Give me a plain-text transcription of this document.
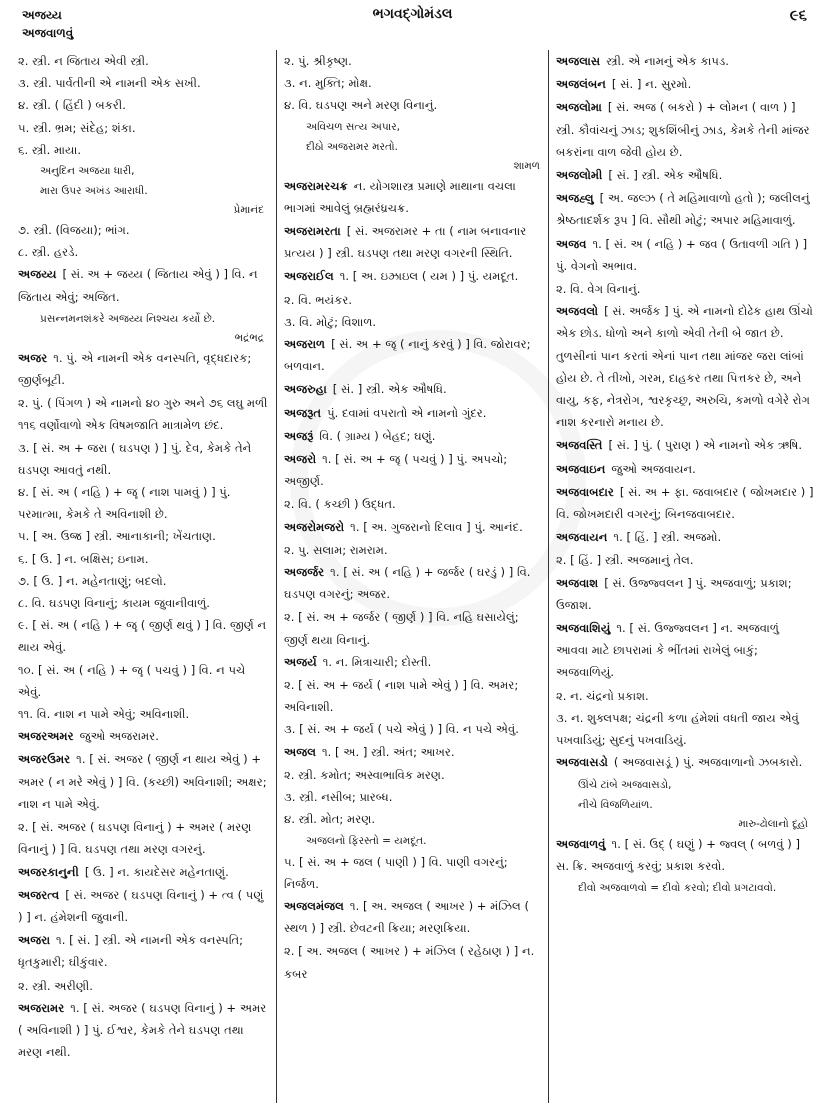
અજય્ય
અજવાળવું
ભગવદ્ગોમંડલ	૯૬
૨. સ્ત્રી. ન જિતાય એવી સ્ત્રી.
૩. સ્ત્રી. પાર્વતીની એ નામની એક સખી.
૪. સ્ત્રી. ( હિંદી ) બકરી.
૫. સ્ત્રી. ભ્રમ; સંદેહ; શંકા.
૬. સ્ત્રી. માયા.
અનુદિન અજયા ધારી,
મારા ઉપર અખંડ આરાધી.
પ્રેમાનંદ
૭. સ્ત્રી. (વિજયા); ભાંગ.
૮. સ્ત્રી. હરડે.
અજય્ય [ સં. અ + જય્ય ( જિતાય એવું ) ] વિ. ન જિતાય એવું; અજિત.
પ્રસન્નમનશંકરે અજય્ય નિશ્ચય કર્યો છે.
ભદ્રંભદ્ર
અજર ૧. પું. એ નામની એક વનસ્પતિ, વૃદ્ધદારક; જીર્ણબૂટી.
૨. પું. ( પિંગળ ) એ નામનો ૪૦ ગુરુ અને ૭૬ લઘુ મળી ૧૧૬ વર્ણોવાળો એક વિષમજાતિ માત્રામેળ છંદ.
૩. [ સં. અ + જરા ( ઘડપણ ) ] પું. દેવ, કેમકે તેને ઘડપણ આવતું નથી.
૪. [ સં. અ ( નહિ ) + જૄ ( નાશ પામવું ) ] પું. પરમાત્મા, કેમકે તે અવિનાશી છે.
૫. [ અ. ઉજ્ર ] સ્ત્રી. આનાકાની; ખેંચતાણ.
૬. [ ઉ. ] ન. બક્ષિસ; ઇનામ.
૭. [ ઉ. ] ન. મહેનતાણું; બદલો.
૮. વિ. ઘડપણ વિનાનું; કાયમ જુવાનીવાળું.
૯. [ સં. અ ( નહિ ) + જૄ ( જીર્ણ થવું ) ] વિ. જીર્ણ ન થાય એવું.
૧૦. [ સં. અ ( નહિ ) + જૄ ( પચવું ) ] વિ. ન પચે એવું.
૧૧. વિ. નાશ ન પામે એવું; અવિનાશી.
અજરઅમર જુઓ અજરામર.
અજરઉમર ૧. [ સં. અજર ( જીર્ણ ન થાય એવું ) + અમર ( ન મરે એવું ) ] વિ. (કચ્છી) અવિનાશી; અક્ષર; નાશ ન પામે એવું.
૨. [ સં. અજર ( ઘડપણ વિનાનું ) + અમર ( મરણ વિનાનું ) ] વિ. ઘડપણ તથા મરણ વગરનું.
અજરકાનુની [ ઉ. ] ન. કાયદેસર મહેનતાણું.
અજરત્વ [ સં. અજર ( ઘડપણ વિનાનું ) + ત્વ ( પણું ) ] ન. હંમેશની જુવાની.
અજરા ૧. [ સં. ] સ્ત્રી. એ નામની એક વનસ્પતિ; ધૃતકુમારી; ઘીકુંવાર.
૨. સ્ત્રી. અરીણી.
અજરામર ૧. [ સં. અજર ( ઘડપણ વિનાનું ) + અમર ( અવિનાશી ) ] પું. ઈશ્વર, કેમકે તેને ઘડપણ તથા મરણ નથી.
૨. પું. શ્રીકૃષ્ણ.
૩. ન. મુક્તિ; મોક્ષ.
૪. વિ. ઘડપણ અને મરણ વિનાનું.
અવિચળ સત્ય અપાર,
દીઠો અજરામર મરતો.
શામળ
અજરામરચક્ર ન. યોગશાસ્ત્ર પ્રમાણે માથાના વચલા ભાગમાં આવેલું બ્રહ્મરંધ્રચક્ર.
અજરામરતા [ સં. અજરામર + તા ( નામ બનાવનાર પ્રત્યય ) ] સ્ત્રી. ઘડપણ તથા મરણ વગરની સ્થિતિ.
અજરાઈલ ૧. [ અ. ઇઝ્રાઇલ ( યમ ) ] પું. યમદૂત.
૨. વિ. ભયંકર.
૩. વિ. મોટું; વિશાળ.
અજરાળ [ સં. અ + જૃ ( નાનું કરવું ) ] વિ. જોરાવર; બળવાન.
અજરુહા [ સં. ] સ્ત્રી. એક ઔષધિ.
અજરૂત પું. દવામાં વપરાતો એ નામનો ગુંદર.
અજરૂં વિ. ( ગ્રામ્ય ) બેહદ; ઘણું.
અજરો ૧. [ સં. અ + જૃ ( પચવું ) ] પું. અપચો; અજીર્ણ.
૨. વિ. ( કચ્છી ) ઉદ્ધત.
અજરોમજરો ૧. [ અ. ગુજરાનો દિલાવ ] પું. આનંદ.
૨. પુ. સલામ; રામરામ.
અજર્જર ૧. [ સં. અ ( નહિ ) + જર્જર ( ઘરડું ) ] વિ. ઘડપણ વગરનું; અજર.
૨. [ સં. અ + જર્જર ( જીર્ણ ) ] વિ. નહિ ઘસાયેલું; જીર્ણ થયા વિનાનું.
અજર્ય ૧. ન. મિત્રાચારી; દોસ્તી.
૨. [ સં. અ + જર્ય ( નાશ પામે એવું ) ] વિ. અમર; અવિનાશી.
૩. [ સં. અ + જર્ય ( પચે એવું ) ] વિ. ન પચે એવું.
અજલ ૧. [ અ. ] સ્ત્રી. અંત; આખર.
૨. સ્ત્રી. કમોત; અસ્વાભાવિક મરણ.
૩. સ્ત્રી. નસીબ; પ્રારબ્ધ.
૪. સ્ત્રી. મોત; મરણ.
અજલનો ફિરસ્તો = યમદૂત.
૫. [ સં. અ + જલ ( પાણી ) ] વિ. પાણી વગરનું; નિર્જળ.
અજલમંજલ ૧. [ અ. અજલ ( આખર ) + મંઝિલ ( સ્થળ ) ] સ્ત્રી. છેવટની ક્રિયા; મરણક્રિયા.
૨. [ અ. અજલ ( આખર ) + મંઝિલ ( રહેઠાણ ) ] ન. કબર
અજલાસ સ્ત્રી. એ નામનું એક કાપડ.
અજલંબન [ સં. ] ન. સુરમો.
અજલોમા [ સં. અજ ( બકરો ) + લોમન ( વાળ ) ] સ્ત્રી. કૌવાંચનું ઝાડ; શુકશિંબીનું ઝાડ, કેમકે તેની માંજર બકરાંના વાળ જેવી હોય છે.
અજલોમી [ સં. ] સ્ત્રી. એક ઔષધિ.
અજહ્લુ [ અ. જલ્ઝ ( તે મહિમાવાળો હતો ); જલીલનું શ્રેષ્ઠતાદર્શક રૂપ ] વિ. સૌથી મોટું; અપાર મહિમાવાળું.
અજવ ૧. [ સં. અ ( નહિ ) + જવ ( ઉતાવળી ગતિ ) ] પું. વેગનો અભાવ.
૨. વિ. વેગ વિનાનું.
અજવલો [ સં. અર્જક ] પું. એ નામનો દોઢેક હાથ ઊંચો એક છોડ. ધોળો અને કાળો એવી તેની બે જાત છે. તુળસીનાં પાન કરતાં એનાં પાન તથા માંજર જરા લાંબાં હોય છે. તે તીખો, ગરમ, દાહકર તથા પિત્તકર છે, અને વાયુ, કફ, નેત્રરોગ, શ્વરકૃચ્છ્ર, અરુચિ, કમળો વગેરે રોગ નાશ કરનારો મનાય છે.
અજવસ્તિ [ સં. ] પું. ( પુરાણ ) એ નામનો એક ઋષિ.
અજવાઇન જુઓ અજવાયન.
અજવાબદાર [ સં. અ + ફા. જવાબદાર ( જોખમદાર ) ] વિ. જોખમદારી વગરનું; બિનજવાબદાર.
અજવાયન ૧. [ હિં. ] સ્ત્રી. અજમો.
૨. [ હિં. ] સ્ત્રી. અજમાનું તેલ.
અજવાશ [ સં. ઉજ્જ્વલન ] પું. અજવાળું; પ્રકાશ; ઉજાશ.
અજવાશિયું ૧. [ સં. ઉજ્જ્વલન ] ન. અજવાળું આવવા માટે છાપરામાં કે ભીંતમાં રાખેલું બાકું; અજવાળિયું.
૨. ન. ચંદ્રનો પ્રકાશ.
૩. ન. શુક્લપક્ષ; ચંદ્રની કળા હંમેશાં વધતી જાય એવું પખવાડિયું; સુદનું પખવાડિયું.
અજવાસડો ( અજવાસડૂં ) પું. અજવાળાનો ઝબકારો.
ઊંચે ટાંબે અજવાસડો,
નીચે વિજળિયાંળ.
મારુ-ઢોલાનો દૂહો
અજવાળવું ૧. [ સં. ઉદ્ ( ઘણું ) + જ્વલ્ ( બળવું ) ] સ. ક્રિ. અજવાળું કરવું; પ્રકાશ કરવો.
દીવો અજવાળવો = દીવો કરવો; દીવો પ્રગટાવવો.
